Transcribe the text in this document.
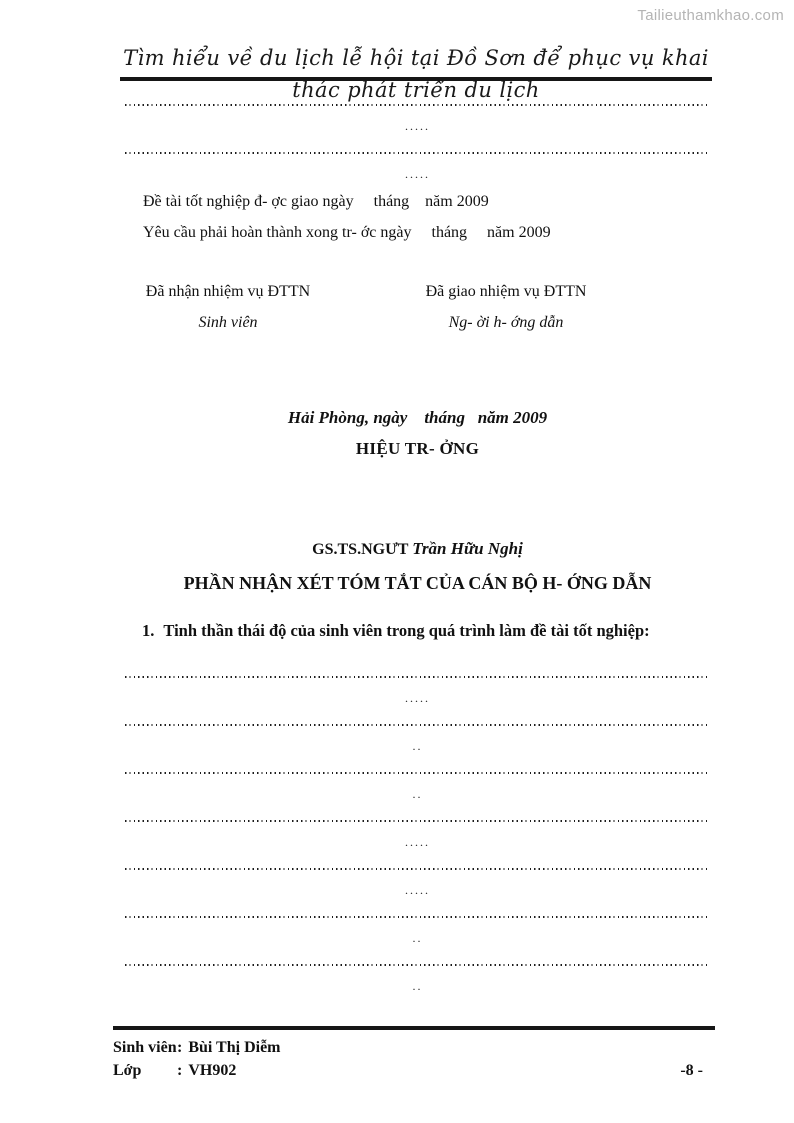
Tailieuthamkhao.com
Tìm hiểu về du lịch lễ hội tại Đồ Sơn để phục vụ khai thác phát triển du lịch
.....
.....

Đề tài tốt nghiệp đ- ợc giao ngày     tháng    năm 2009

Yêu cầu phải hoàn thành xong tr- ớc ngày     tháng     năm 2009

Đã nhận nhiệm vụ ĐTTN
Sinh viên
Đã giao nhiệm vụ ĐTTN
Ng- ời h- ớng dẫn
Hải Phòng, ngày    tháng   năm 2009
HIỆU TR- ỞNG
GS.TS.NGƯT Trần Hữu Nghị
PHẦN NHẬN XÉT TÓM TẮT CỦA CÁN BỘ H- ỚNG DẪN
1. Tinh thần thái độ của sinh viên trong quá trình làm đề tài tốt nghiệp:
.....
..
..
.....
.....
..
..
Sinh viên: Bùi Thị Diễm
Lớp : VH902	-8 -
